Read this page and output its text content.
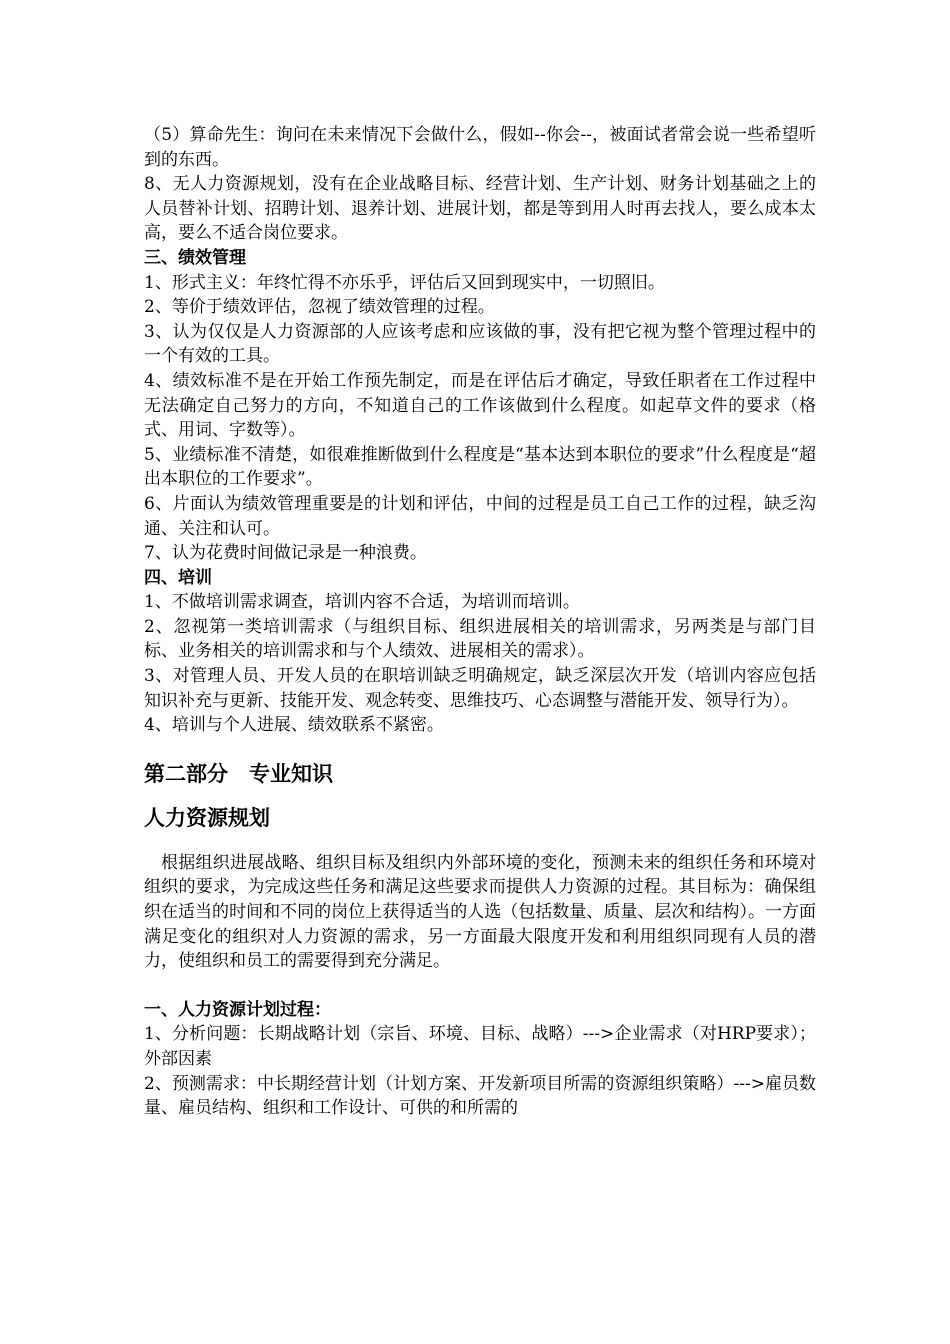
（5）算命先生：询问在未来情况下会做什么，假如--你会--，被面试者常会说一些希望听到的东西。

8、无人力资源规划，没有在企业战略目标、经营计划、生产计划、财务计划基础之上的人员替补计划、招聘计划、退养计划、进展计划，都是等到用人时再去找人，要么成本太高，要么不适合岗位要求。

三、绩效管理

1、形式主义：年终忙得不亦乐乎，评估后又回到现实中，一切照旧。

2、等价于绩效评估，忽视了绩效管理的过程。

3、认为仅仅是人力资源部的人应该考虑和应该做的事，没有把它视为整个管理过程中的一个有效的工具。

4、绩效标准不是在开始工作预先制定，而是在评估后才确定，导致任职者在工作过程中无法确定自己努力的方向，不知道自己的工作该做到什么程度。如起草文件的要求（格式、用词、字数等）。

5、业绩标准不清楚，如很难推断做到什么程度是“基本达到本职位的要求”什么程度是“超出本职位的工作要求”。

6、片面认为绩效管理重要是的计划和评估，中间的过程是员工自己工作的过程，缺乏沟通、关注和认可。

7、认为花费时间做记录是一种浪费。

四、培训

1、不做培训需求调查，培训内容不合适，为培训而培训。

2、忽视第一类培训需求（与组织目标、组织进展相关的培训需求，另两类是与部门目标、业务相关的培训需求和与个人绩效、进展相关的需求）。

3、对管理人员、开发人员的在职培训缺乏明确规定，缺乏深层次开发（培训内容应包括知识补充与更新、技能开发、观念转变、思维技巧、心态调整与潜能开发、领导行为）。

4、培训与个人进展、绩效联系不紧密。

第二部分　专业知识

人力资源规划

根据组织进展战略、组织目标及组织内外部环境的变化，预测未来的组织任务和环境对组织的要求，为完成这些任务和满足这些要求而提供人力资源的过程。其目标为：确保组织在适当的时间和不同的岗位上获得适当的人选（包括数量、质量、层次和结构）。一方面满足变化的组织对人力资源的需求，另一方面最大限度开发和利用组织同现有人员的潜力，使组织和员工的需要得到充分满足。

一、人力资源计划过程：

1、分析问题：长期战略计划（宗旨、环境、目标、战略）--->企业需求（对HRP要求）；外部因素

2、预测需求：中长期经营计划（计划方案、开发新项目所需的资源组织策略）--->雇员数量、雇员结构、组织和工作设计、可供的和所需的
